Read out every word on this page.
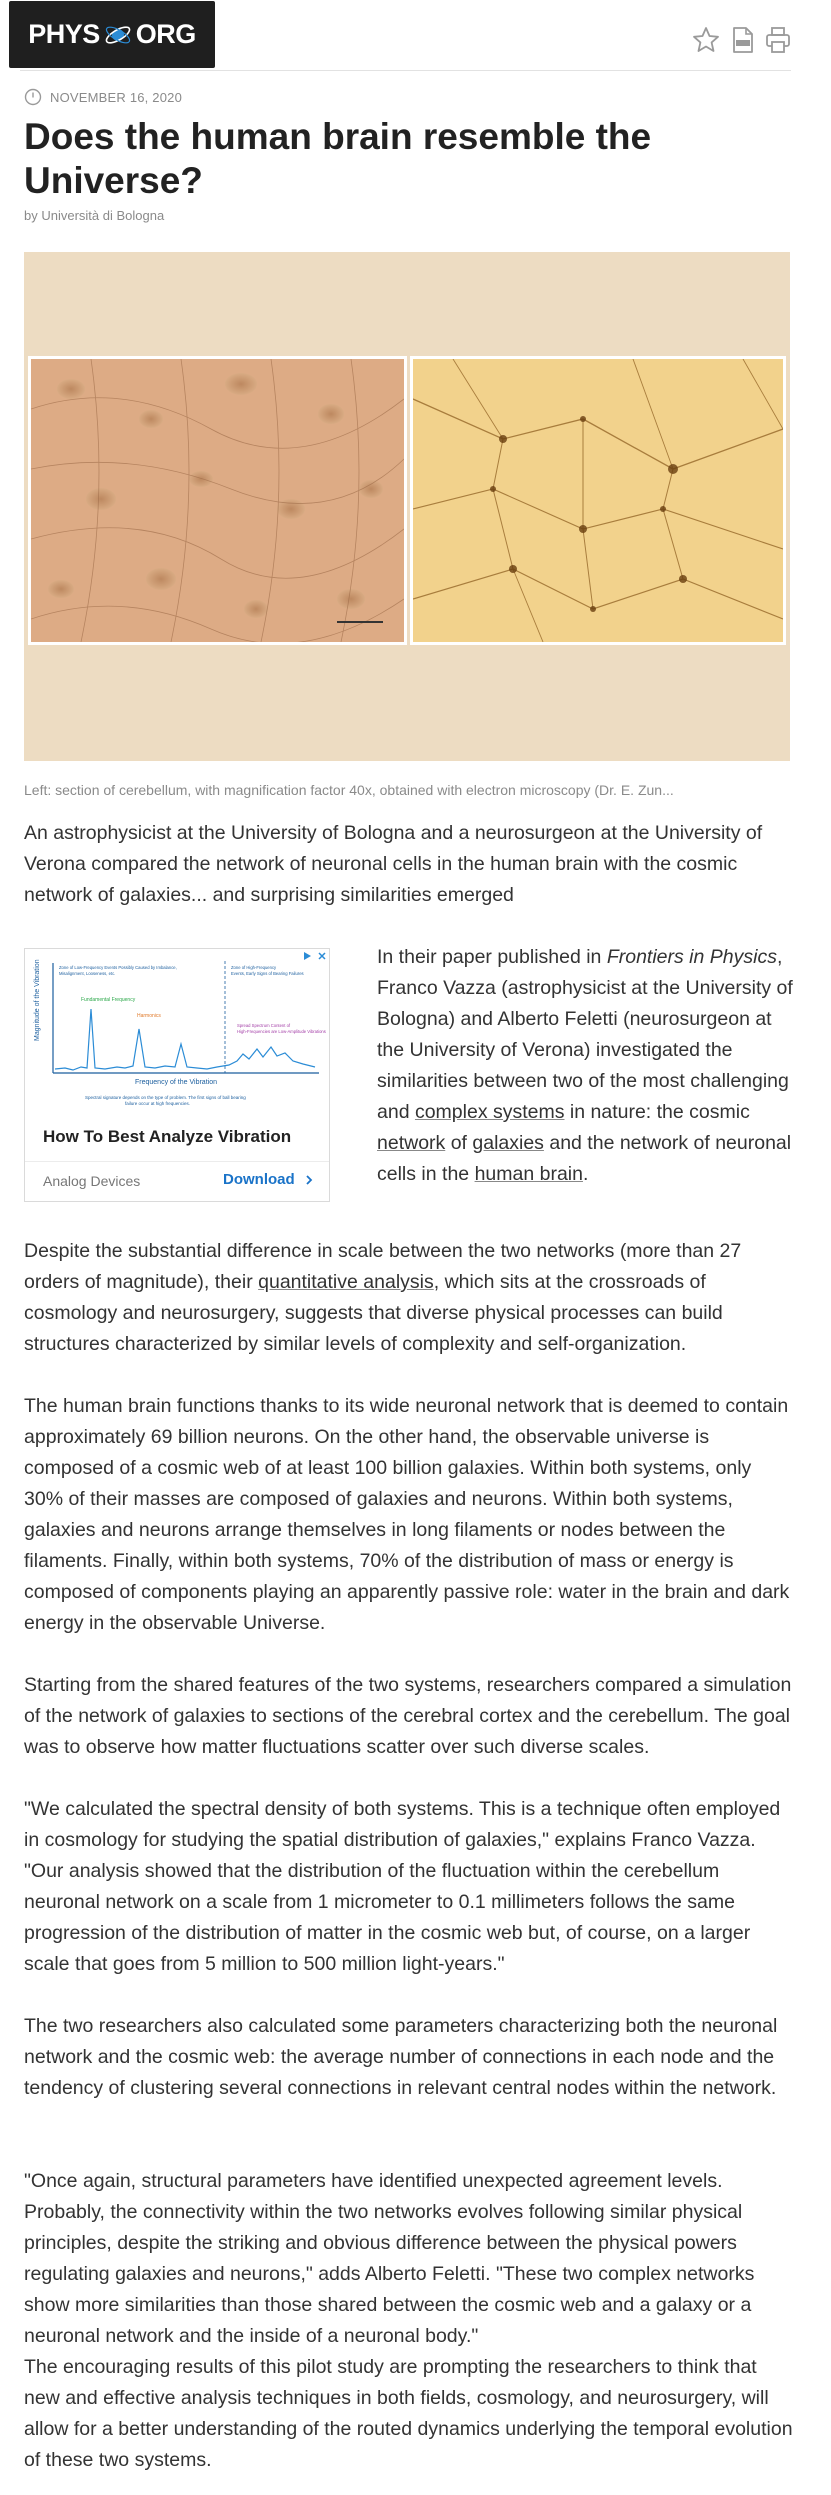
PHYS ORG
NOVEMBER 16, 2020
Does the human brain resemble the Universe?
by Università di Bologna
Left: section of cerebellum, with magnification factor 40x, obtained with electron microscopy (Dr. E. Zun...

An astrophysicist at the University of Bologna and a neurosurgeon at the University of Verona compared the network of neuronal cells in the human brain with the cosmic network of galaxies... and surprising similarities emerged

Magnitude of the Vibration
Frequency of the Vibration
Zone of Low-Frequency Events Possibly Caused by Imbalance,
Misalignment, Looseness, etc.
Zone of High-Frequency
Events, Early Signs of Bearing Failures
Fundamental Frequency
Harmonics
Spread Spectrum Content of
High-Frequencies are Low-Amplitude Vibrations
Spectral signature depends on the type of problem. The first signs of ball bearing
failure occur at high frequencies.
How To Best Analyze Vibration
Analog Devices	Download

In their paper published in Frontiers in Physics, Franco Vazza (astrophysicist at the University of Bologna) and Alberto Feletti (neurosurgeon at the University of Verona) investigated the similarities between two of the most challenging and complex systems in nature: the cosmic network of galaxies and the network of neuronal cells in the human brain.

Despite the substantial difference in scale between the two networks (more than 27 orders of magnitude), their quantitative analysis, which sits at the crossroads of cosmology and neurosurgery, suggests that diverse physical processes can build structures characterized by similar levels of complexity and self-organization.

The human brain functions thanks to its wide neuronal network that is deemed to contain approximately 69 billion neurons. On the other hand, the observable universe is composed of a cosmic web of at least 100 billion galaxies. Within both systems, only 30% of their masses are composed of galaxies and neurons. Within both systems, galaxies and neurons arrange themselves in long filaments or nodes between the filaments. Finally, within both systems, 70% of the distribution of mass or energy is composed of components playing an apparently passive role: water in the brain and dark energy in the observable Universe.

Starting from the shared features of the two systems, researchers compared a simulation of the network of galaxies to sections of the cerebral cortex and the cerebellum. The goal was to observe how matter fluctuations scatter over such diverse scales.

"We calculated the spectral density of both systems. This is a technique often employed in cosmology for studying the spatial distribution of galaxies," explains Franco Vazza. "Our analysis showed that the distribution of the fluctuation within the cerebellum neuronal network on a scale from 1 micrometer to 0.1 millimeters follows the same progression of the distribution of matter in the cosmic web but, of course, on a larger scale that goes from 5 million to 500 million light-years."

The two researchers also calculated some parameters characterizing both the neuronal network and the cosmic web: the average number of connections in each node and the tendency of clustering several connections in relevant central nodes within the network.

"Once again, structural parameters have identified unexpected agreement levels. Probably, the connectivity within the two networks evolves following similar physical principles, despite the striking and obvious difference between the physical powers regulating galaxies and neurons," adds Alberto Feletti. "These two complex networks show more similarities than those shared between the cosmic web and a galaxy or a neuronal network and the inside of a neuronal body."

The encouraging results of this pilot study are prompting the researchers to think that new and effective analysis techniques in both fields, cosmology, and neurosurgery, will allow for a better understanding of the routed dynamics underlying the temporal evolution of these two systems.
